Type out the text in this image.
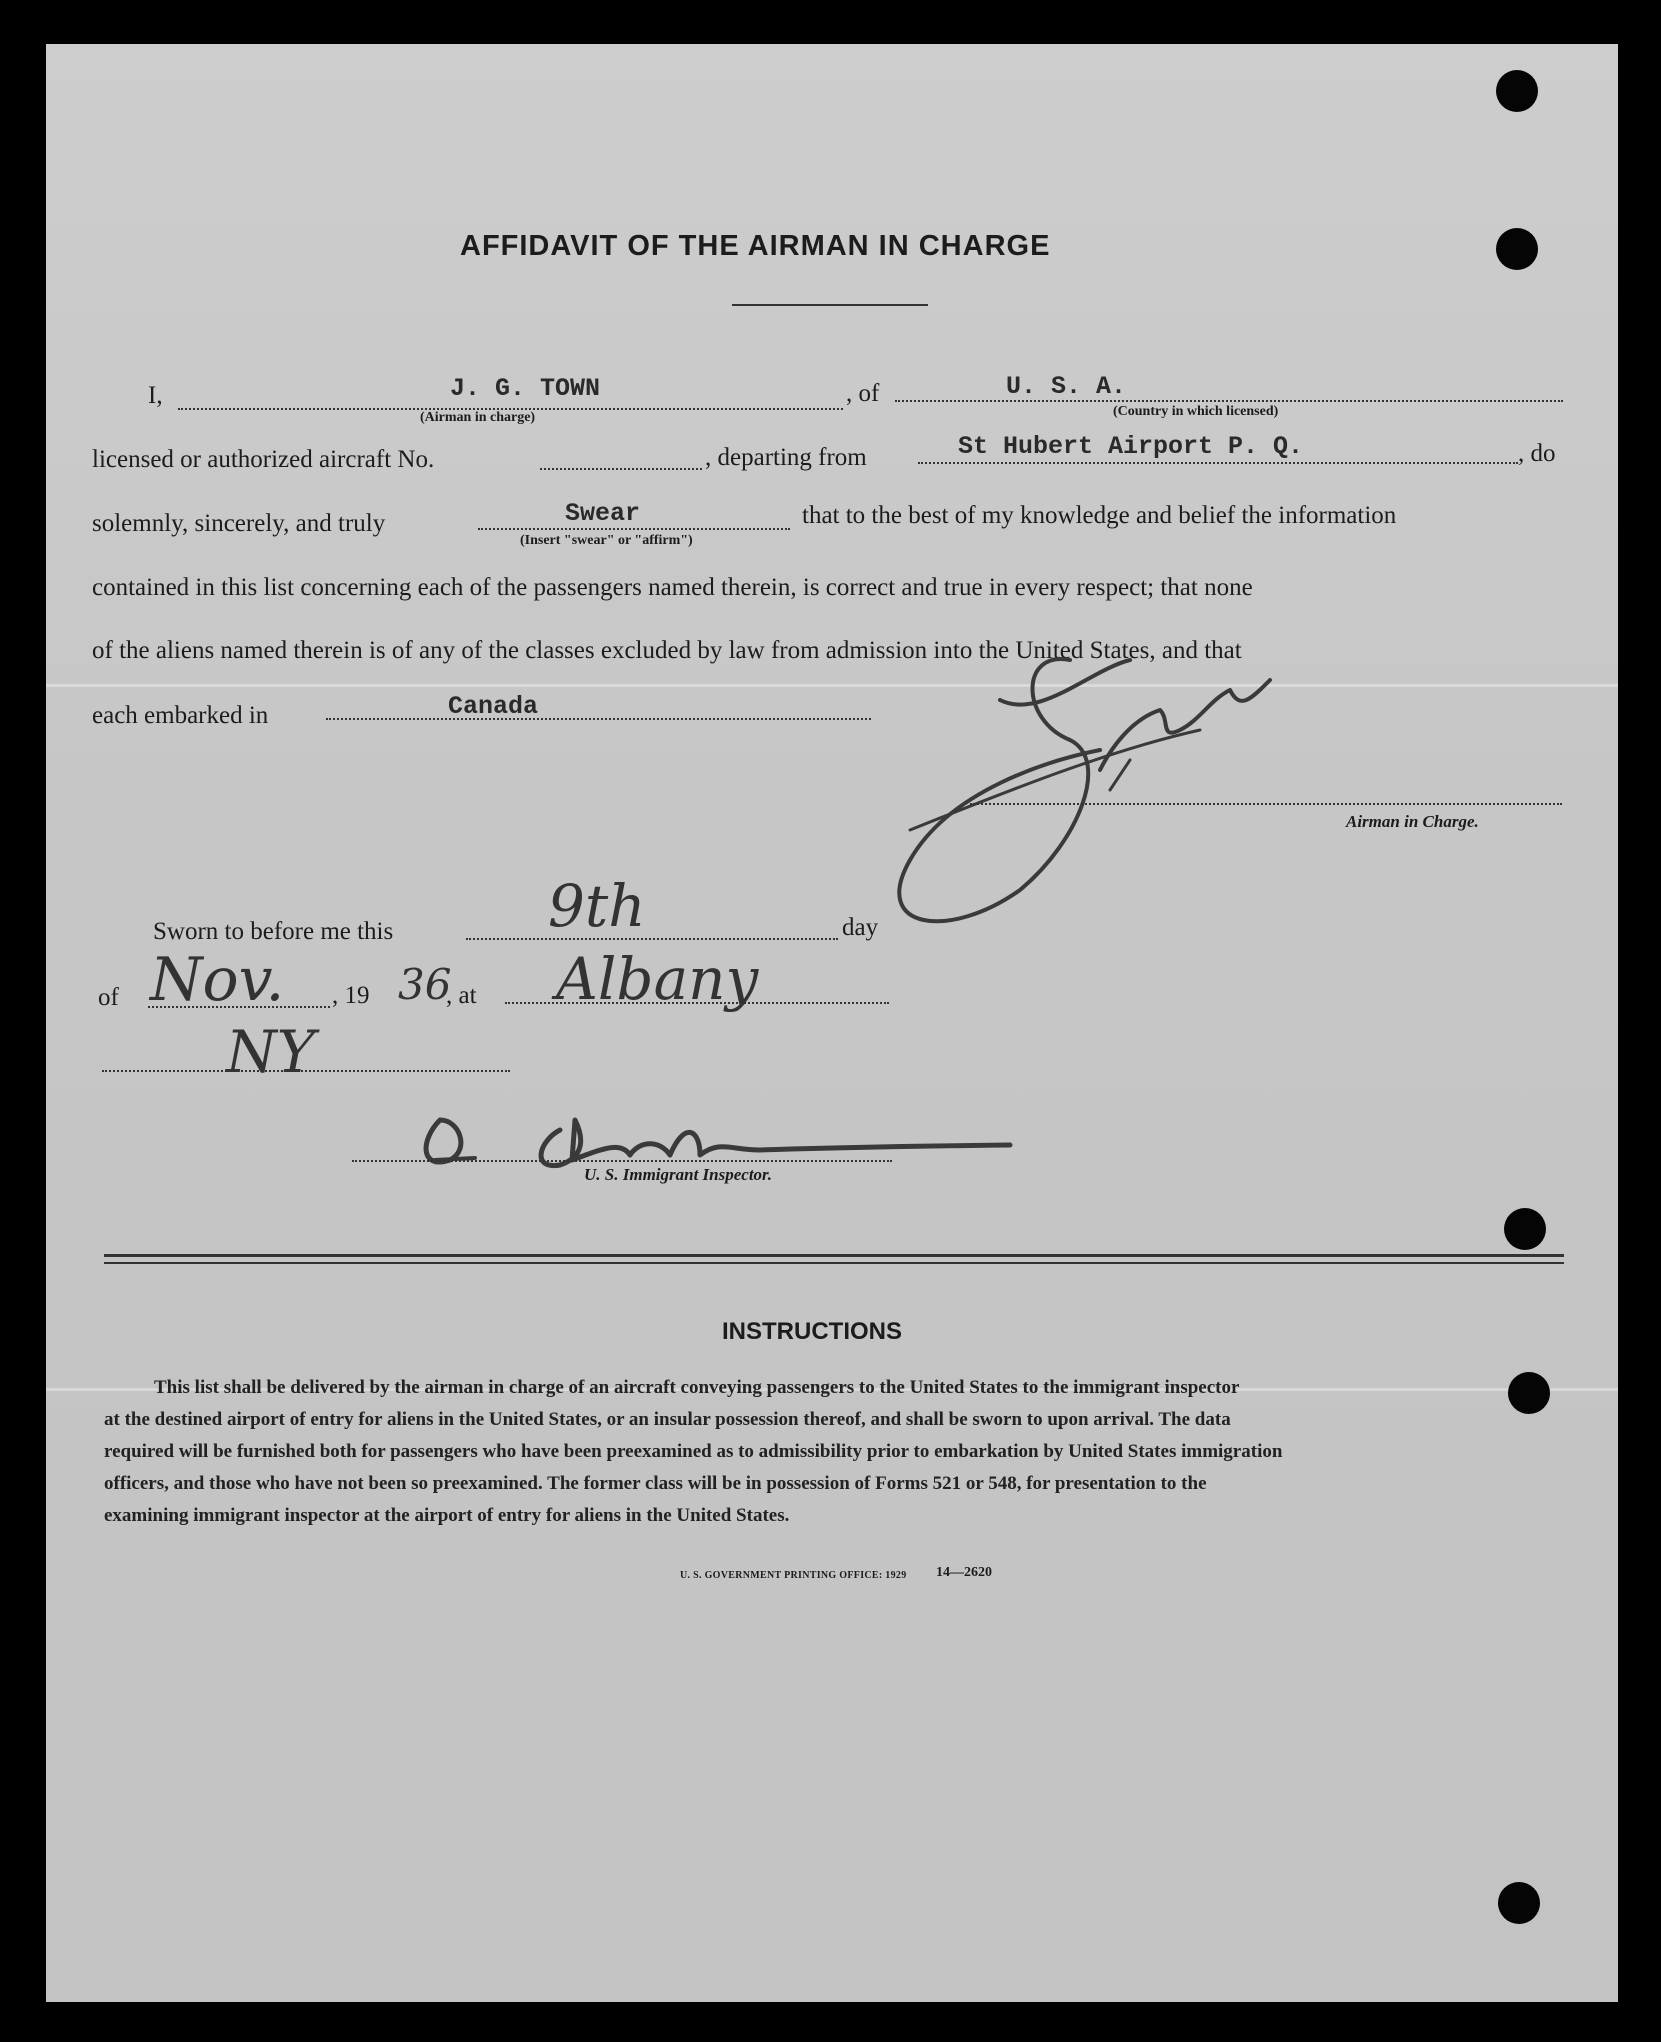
AFFIDAVIT OF THE AIRMAN IN CHARGE
I,	J. G. TOWN
(Airman in charge)
, of	U. S. A.
(Country in which licensed)
licensed or authorized aircraft No.	, departing from	St Hubert Airport P. Q.	, do
solemnly, sincerely, and truly	Swear
(Insert "swear" or "affirm")
that to the best of my knowledge and belief the information
contained in this list concerning each of the passengers named therein, is correct and true in every respect; that none
of the aliens named therein is of any of the classes excluded by law from admission into the United States, and that
each embarked in	Canada
Airman in Charge.
Sworn to before me this	9th	day
of Nov. , 19 36
, at Albany
NY
U. S. Immigrant Inspector.
INSTRUCTIONS
This list shall be delivered by the airman in charge of an aircraft conveying passengers to the United States to the immigrant inspector
at the destined airport of entry for aliens in the United States, or an insular possession thereof, and shall be sworn to upon arrival. The data
required will be furnished both for passengers who have been preexamined as to admissibility prior to embarkation by United States immigration
officers, and those who have not been so preexamined. The former class will be in possession of Forms 521 or 548, for presentation to the
examining immigrant inspector at the airport of entry for aliens in the United States.
U. S. GOVERNMENT PRINTING OFFICE: 1929 14—2620
